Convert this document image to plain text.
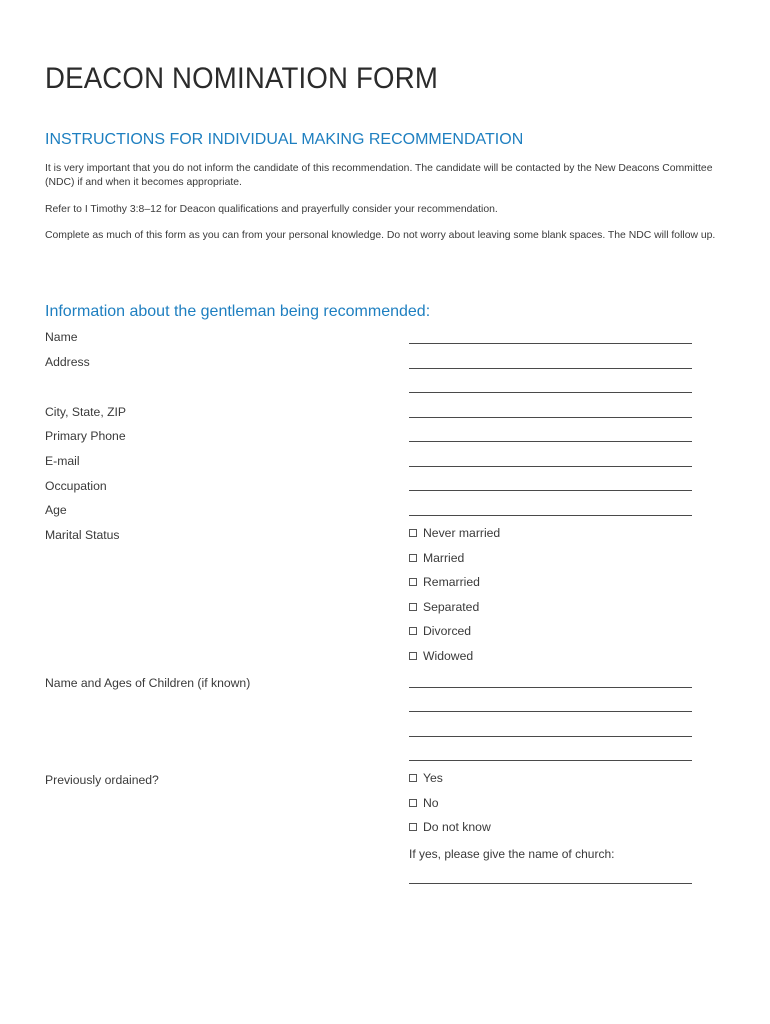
DEACON NOMINATION FORM
INSTRUCTIONS FOR INDIVIDUAL MAKING RECOMMENDATION
It is very important that you do not inform the candidate of this recommendation. The candidate will be contacted by the New Deacons Committee (NDC) if and when it becomes appropriate.
Refer to I Timothy 3:8–12 for Deacon qualifications and prayerfully consider your recommendation.
Complete as much of this form as you can from your personal knowledge. Do not worry about leaving some blank spaces. The NDC will follow up.
Information about the gentleman being recommended:
Name
Address
City, State, ZIP
Primary Phone
E-mail
Occupation
Age
Marital Status	Never married
Married
Remarried
Separated
Divorced
Widowed
Name and Ages of Children (if known)
Previously ordained?	Yes
No
Do not know
If yes, please give the name of church:
